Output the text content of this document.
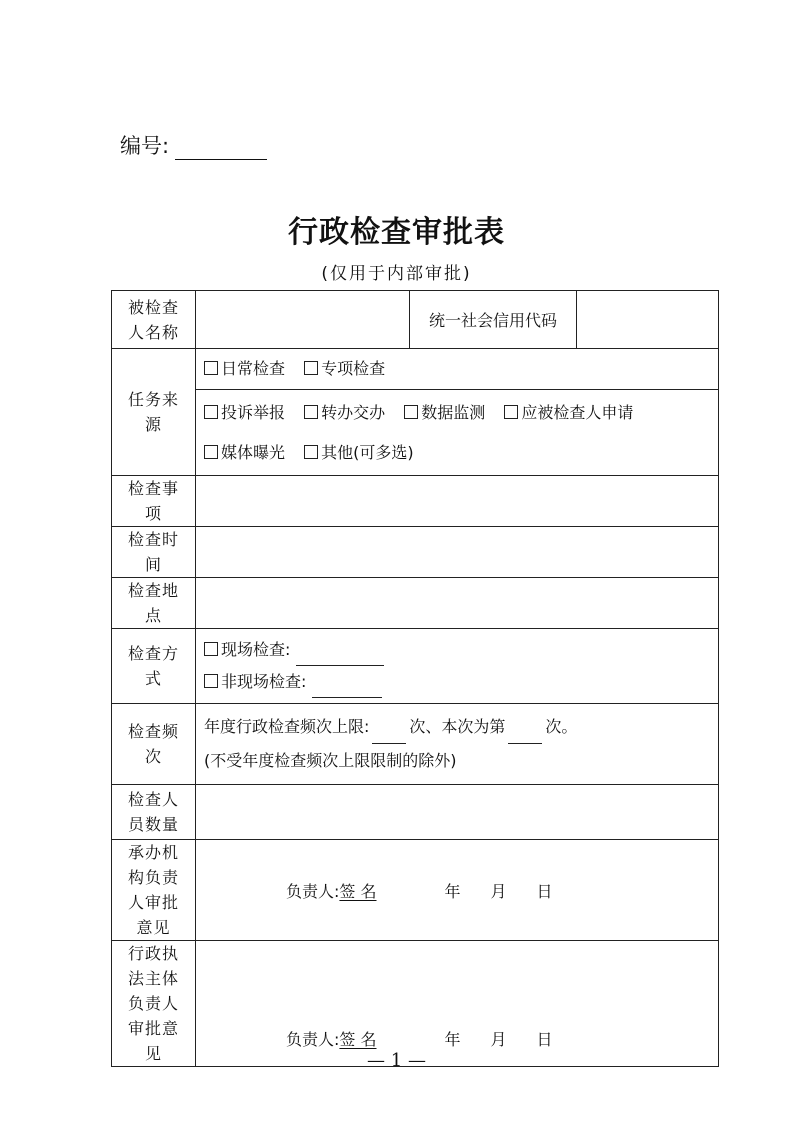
编号:
行政检查审批表
(仅用于内部审批)
被检查人名称		统一社会信用代码	
任务来源	日常检查 专项检查		

	投诉举报 转办交办 数据监测 应被检查人申请
媒体曝光 其他(可多选)		

检查事项			
检查时间			
检查地点			
检查方式	现场检查:
非现场检查:		

检查频次	年度行政检查频次上限: 次、本次为第 次。
(不受年度检查频次上限限制的除外)		

检查人员数量			
承办机构负责人审批意见	负责人:签 名 年 月 日		
行政执法主体负责人审批意见	负责人:签 名 年 月 日		
— 1 —
